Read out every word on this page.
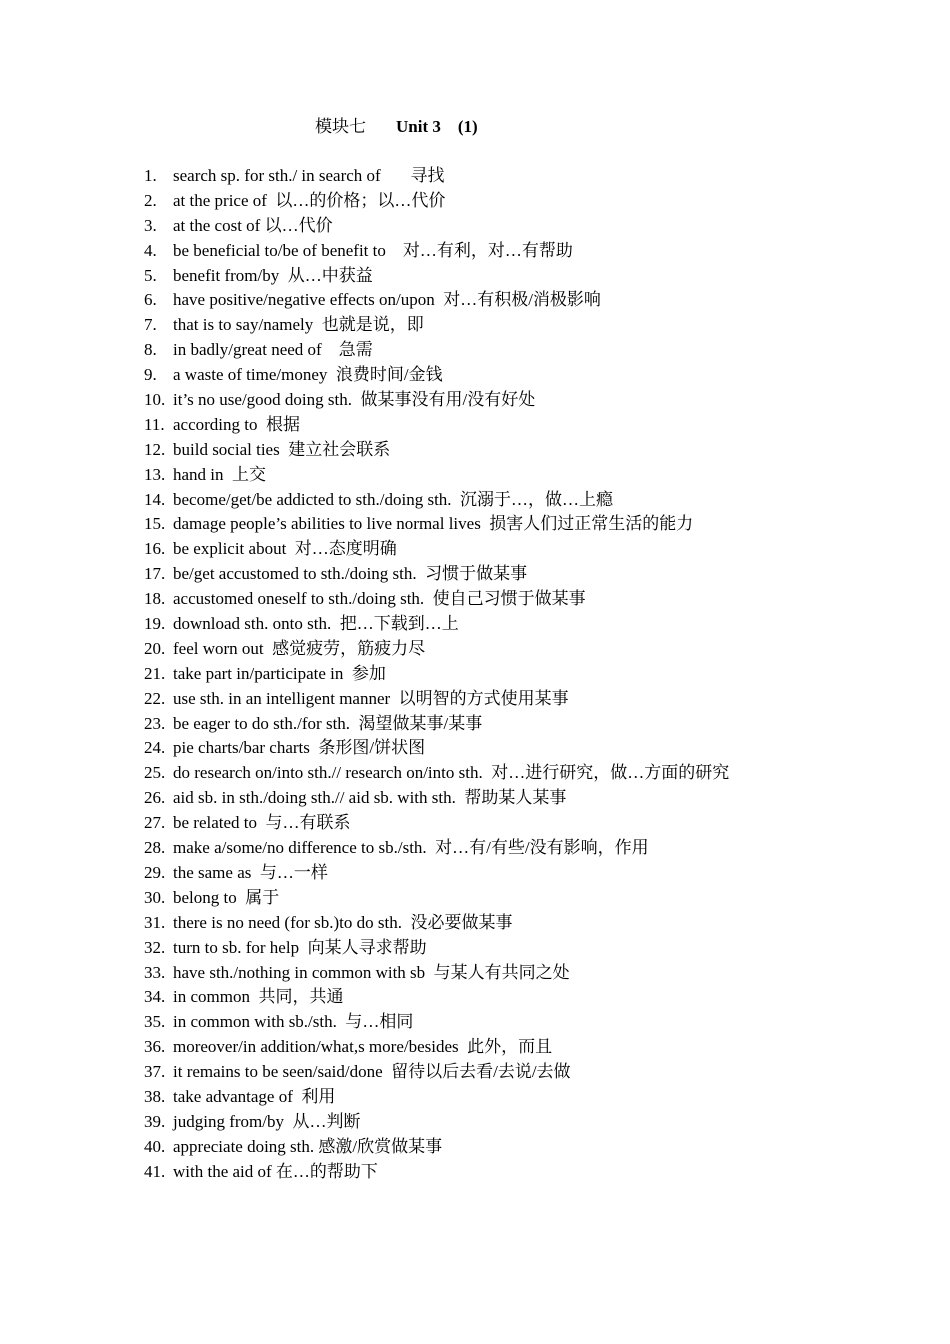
模块七 Unit 3 (1)
1. search sp. for sth./ in search of       寻找
2. at the price of  以…的价格；以…代价
3. at the cost of 以…代价
4. be beneficial to/be of benefit to    对…有利，对…有帮助
5. benefit from/by  从…中获益
6. have positive/negative effects on/upon  对…有积极/消极影响
7. that is to say/namely  也就是说，即
8. in badly/great need of    急需
9. a waste of time/money  浪费时间/金钱
10. it’s no use/good doing sth.  做某事没有用/没有好处
11. according to  根据
12. build social ties  建立社会联系
13. hand in  上交
14. become/get/be addicted to sth./doing sth.  沉溺于…，做…上瘾
15. damage people’s abilities to live normal lives  损害人们过正常生活的能力
16. be explicit about  对…态度明确
17. be/get accustomed to sth./doing sth.  习惯于做某事
18. accustomed oneself to sth./doing sth.  使自己习惯于做某事
19. download sth. onto sth.  把…下载到…上
20. feel worn out  感觉疲劳，筋疲力尽
21. take part in/participate in  参加
22. use sth. in an intelligent manner  以明智的方式使用某事
23. be eager to do sth./for sth.  渴望做某事/某事
24. pie charts/bar charts  条形图/饼状图
25. do research on/into sth.// research on/into sth.  对…进行研究，做…方面的研究
26. aid sb. in sth./doing sth.// aid sb. with sth.  帮助某人某事
27. be related to  与…有联系
28. make a/some/no difference to sb./sth.  对…有/有些/没有影响，作用
29. the same as  与…一样
30. belong to  属于
31. there is no need (for sb.)to do sth.  没必要做某事
32. turn to sb. for help  向某人寻求帮助
33. have sth./nothing in common with sb  与某人有共同之处
34. in common  共同，共通
35. in common with sb./sth.  与…相同
36. moreover/in addition/what,s more/besides  此外，而且
37. it remains to be seen/said/done  留待以后去看/去说/去做
38. take advantage of  利用
39. judging from/by  从…判断
40. appreciate doing sth. 感激/欣赏做某事
41. with the aid of 在…的帮助下
